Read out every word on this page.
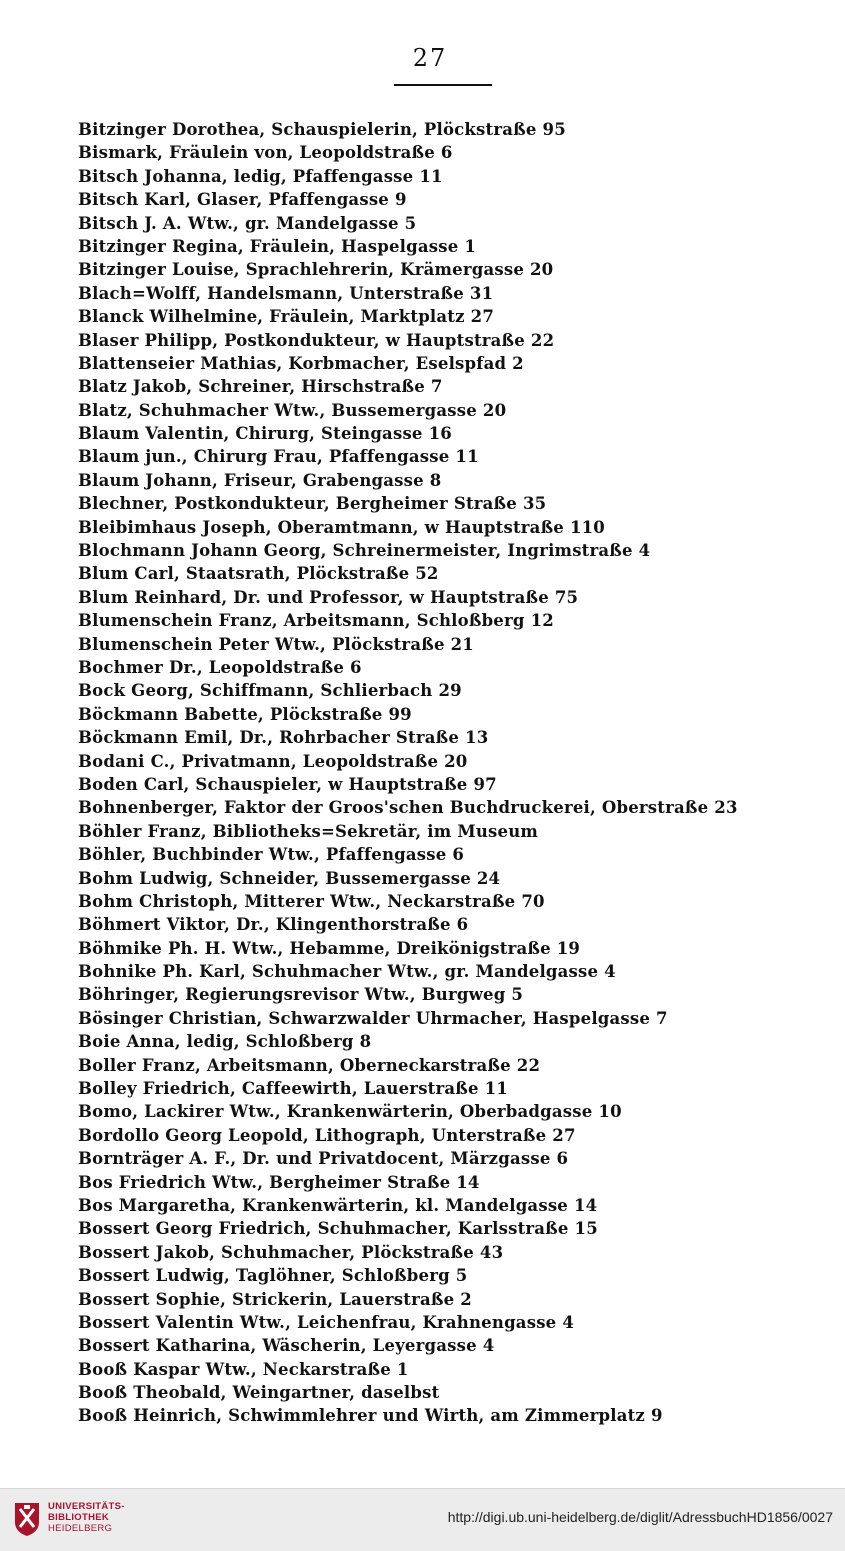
27
Bitzinger Dorothea, Schauspielerin, Plöckstraße 95
Bismark, Fräulein von, Leopoldstraße 6
Bitsch Johanna, ledig, Pfaffengasse 11
Bitsch Karl, Glaser, Pfaffengasse 9
Bitsch J. A. Wtw., gr. Mandelgasse 5
Bitzinger Regina, Fräulein, Haspelgasse 1
Bitzinger Louise, Sprachlehrerin, Krämergasse 20
Blach=Wolff, Handelsmann, Unterstraße 31
Blanck Wilhelmine, Fräulein, Marktplatz 27
Blaser Philipp, Postkondukteur, w Hauptstraße 22
Blattenseier Mathias, Korbmacher, Eselspfad 2
Blatz Jakob, Schreiner, Hirschstraße 7
Blatz, Schuhmacher Wtw., Bussemergasse 20
Blaum Valentin, Chirurg, Steingasse 16
Blaum jun., Chirurg Frau, Pfaffengasse 11
Blaum Johann, Friseur, Grabengasse 8
Blechner, Postkondukteur, Bergheimer Straße 35
Bleibimhaus Joseph, Oberamtmann, w Hauptstraße 110
Blochmann Johann Georg, Schreinermeister, Ingrimstraße 4
Blum Carl, Staatsrath, Plöckstraße 52
Blum Reinhard, Dr. und Professor, w Hauptstraße 75
Blumenschein Franz, Arbeitsmann, Schloßberg 12
Blumenschein Peter Wtw., Plöckstraße 21
Bochmer Dr., Leopoldstraße 6
Bock Georg, Schiffmann, Schlierbach 29
Böckmann Babette, Plöckstraße 99
Böckmann Emil, Dr., Rohrbacher Straße 13
Bodani C., Privatmann, Leopoldstraße 20
Boden Carl, Schauspieler, w Hauptstraße 97
Bohnenberger, Faktor der Groos'schen Buchdruckerei, Oberstraße 23
Böhler Franz, Bibliotheks=Sekretär, im Museum
Böhler, Buchbinder Wtw., Pfaffengasse 6
Bohm Ludwig, Schneider, Bussemergasse 24
Bohm Christoph, Mitterer Wtw., Neckarstraße 70
Böhmert Viktor, Dr., Klingenthorstraße 6
Böhmike Ph. H. Wtw., Hebamme, Dreikönigstraße 19
Bohnike Ph. Karl, Schuhmacher Wtw., gr. Mandelgasse 4
Böhringer, Regierungsrevisor Wtw., Burgweg 5
Bösinger Christian, Schwarzwalder Uhrmacher, Haspelgasse 7
Boie Anna, ledig, Schloßberg 8
Boller Franz, Arbeitsmann, Oberneckarstraße 22
Bolley Friedrich, Caffeewirth, Lauerstraße 11
Bomo, Lackirer Wtw., Krankenwärterin, Oberbadgasse 10
Bordollo Georg Leopold, Lithograph, Unterstraße 27
Bornträger A. F., Dr. und Privatdocent, Märzgasse 6
Bos Friedrich Wtw., Bergheimer Straße 14
Bos Margaretha, Krankenwärterin, kl. Mandelgasse 14
Bossert Georg Friedrich, Schuhmacher, Karlsstraße 15
Bossert Jakob, Schuhmacher, Plöckstraße 43
Bossert Ludwig, Taglöhner, Schloßberg 5
Bossert Sophie, Strickerin, Lauerstraße 2
Bossert Valentin Wtw., Leichenfrau, Krahnengasse 4
Bossert Katharina, Wäscherin, Leyergasse 4
Booß Kaspar Wtw., Neckarstraße 1
Booß Theobald, Weingartner, daselbst
Booß Heinrich, Schwimmlehrer und Wirth, am Zimmerplatz 9
UNIVERSITÄTS-
BIBLIOTHEK
HEIDELBERG
http://digi.ub.uni-heidelberg.de/diglit/AdressbuchHD1856/0027
